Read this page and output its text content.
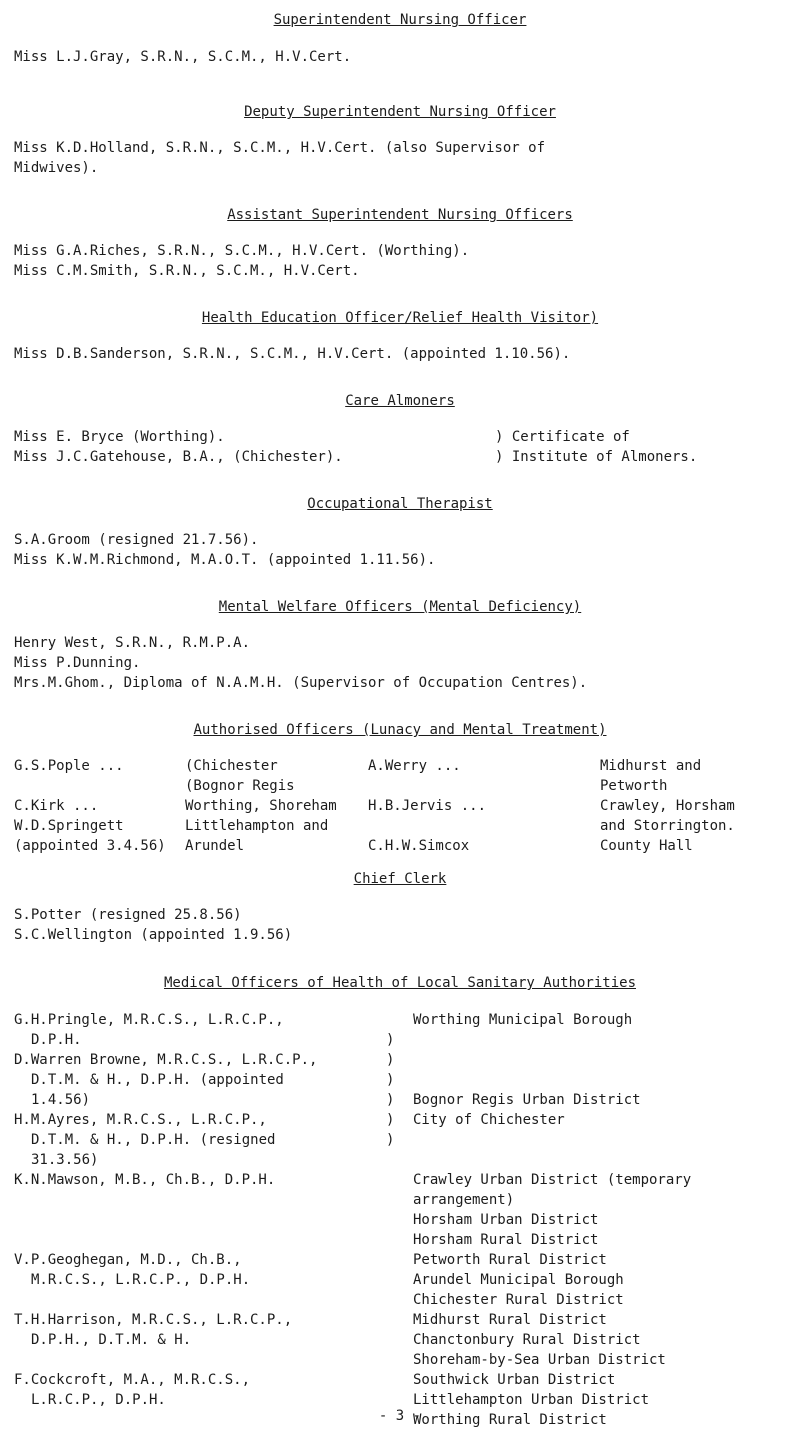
Superintendent Nursing Officer
Miss L.J.Gray, S.R.N., S.C.M., H.V.Cert.
Deputy Superintendent Nursing Officer
Miss K.D.Holland, S.R.N., S.C.M., H.V.Cert. (also Supervisor of
Midwives).
Assistant Superintendent Nursing Officers
Miss G.A.Riches, S.R.N., S.C.M., H.V.Cert. (Worthing).
Miss C.M.Smith, S.R.N., S.C.M., H.V.Cert.
Health Education Officer/Relief Health Visitor)
Miss D.B.Sanderson, S.R.N., S.C.M., H.V.Cert. (appointed 1.10.56).
Care Almoners
Miss E. Bryce (Worthing).
Miss J.C.Gatehouse, B.A., (Chichester).
) Certificate of
) Institute of Almoners.
Occupational Therapist
S.A.Groom (resigned 21.7.56).
Miss K.W.M.Richmond, M.A.O.T. (appointed 1.11.56).
Mental Welfare Officers (Mental Deficiency)
Henry West, S.R.N., R.M.P.A.
Miss P.Dunning.
Mrs.M.Ghom., Diploma of N.A.M.H. (Supervisor of Occupation Centres).
Authorised Officers (Lunacy and Mental Treatment)
G.S.Pople ...

C.Kirk ...
W.D.Springett
(appointed 3.4.56)
(Chichester
(Bognor Regis
Worthing, Shoreham
Littlehampton and
Arundel
A.Werry ...

H.B.Jervis ...

C.H.W.Simcox
Midhurst and
Petworth
Crawley, Horsham
and Storrington.
County Hall
Chief Clerk
S.Potter (resigned 25.8.56)
S.C.Wellington (appointed 1.9.56)
Medical Officers of Health of Local Sanitary Authorities
G.H.Pringle, M.R.C.S., L.R.C.P.,
D.P.H.
D.Warren Browne, M.R.C.S., L.R.C.P.,
D.T.M. & H., D.P.H. (appointed
1.4.56)
H.M.Ayres, M.R.C.S., L.R.C.P.,
D.T.M. & H., D.P.H. (resigned
31.3.56)
K.N.Mawson, M.B., Ch.B., D.P.H.

V.P.Geoghegan, M.D., Ch.B.,
M.R.C.S., L.R.C.P., D.P.H.

T.H.Harrison, M.R.C.S., L.R.C.P.,
D.P.H., D.T.M. & H.

F.Cockcroft, M.A., M.R.C.S.,
L.R.C.P., D.P.H.
)
)
)
)
)
)
Worthing Municipal Borough

Bognor Regis Urban District
City of Chichester

Crawley Urban District (temporary
arrangement)
Horsham Urban District
Horsham Rural District
Petworth Rural District
Arundel Municipal Borough
Chichester Rural District
Midhurst Rural District
Chanctonbury Rural District
Shoreham-by-Sea Urban District
Southwick Urban District
Littlehampton Urban District
Worthing Rural District
- 3 -
